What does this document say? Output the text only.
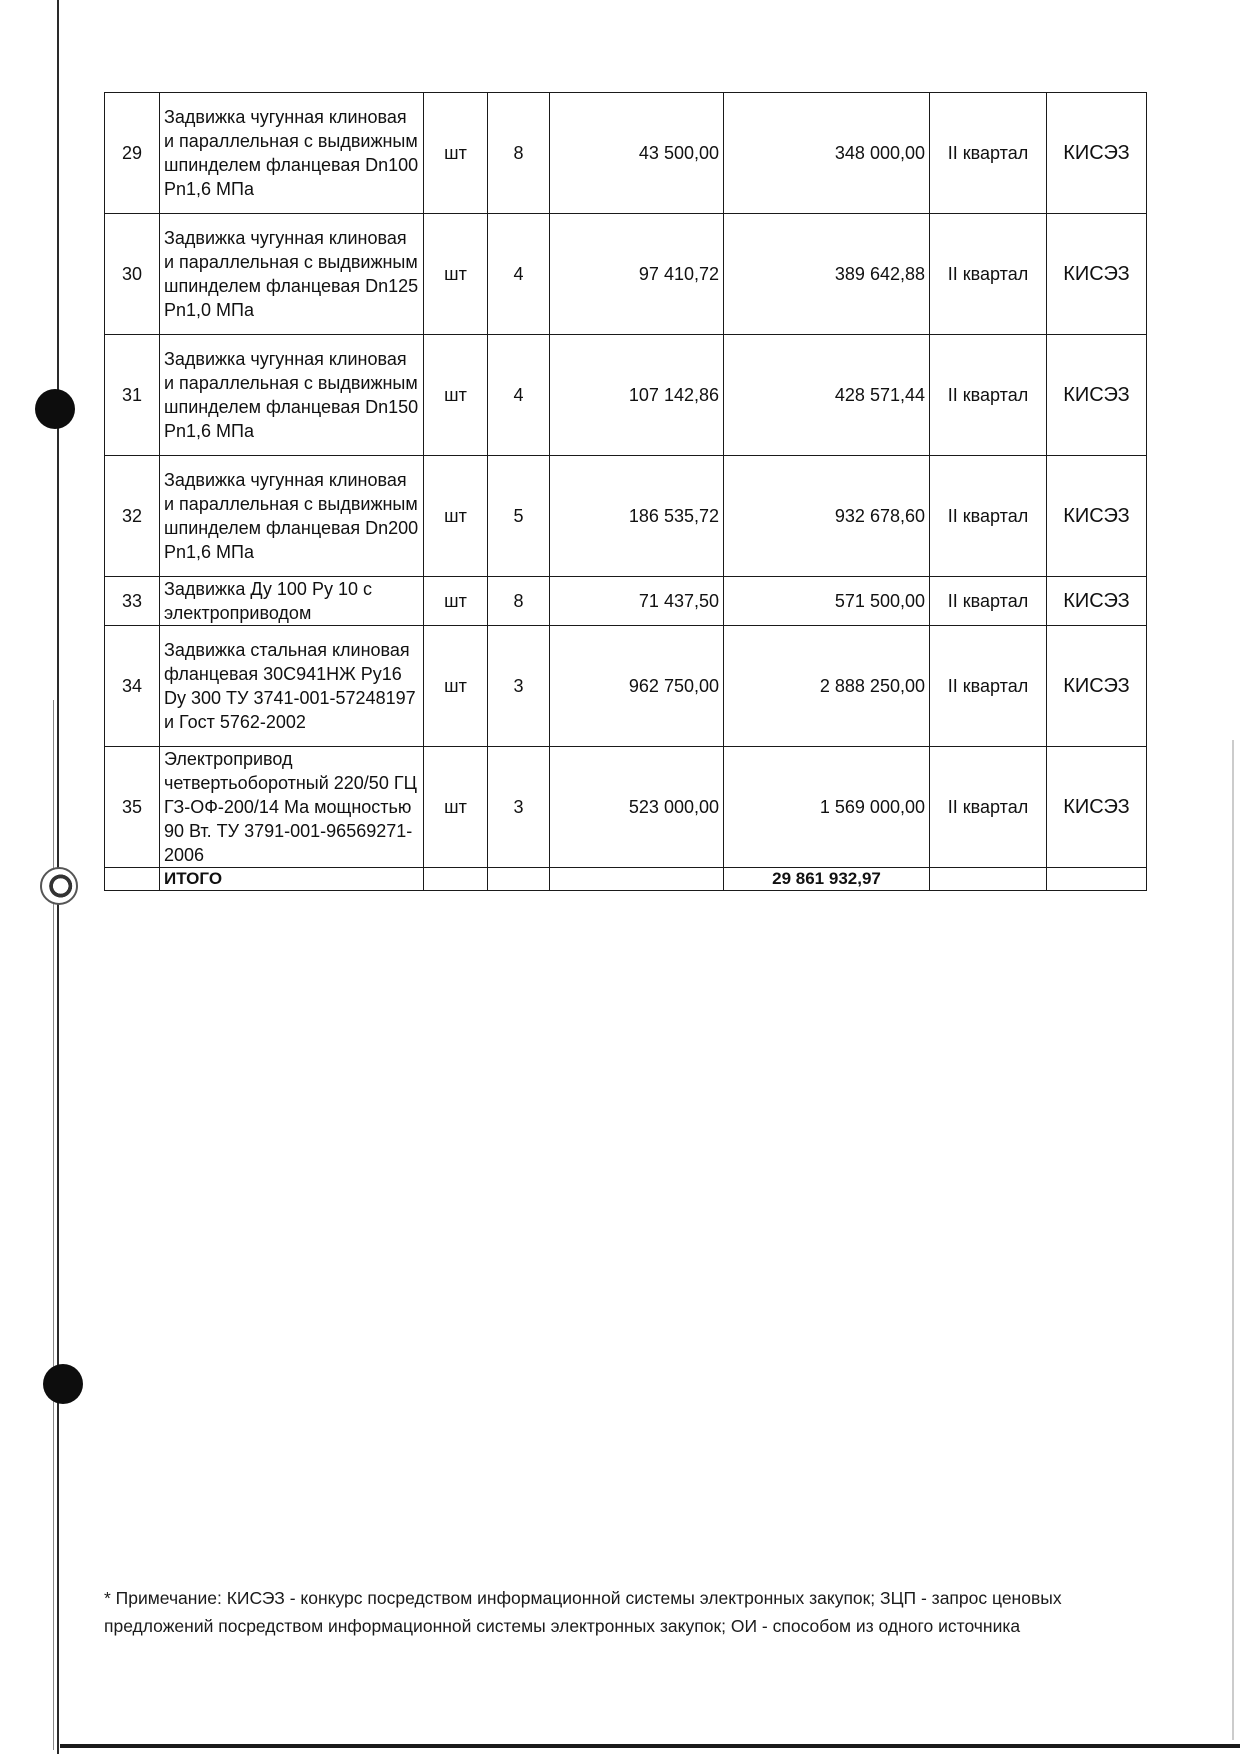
29	Задвижка чугунная клиновая и параллельная с выдвижным шпинделем фланцевая Dn100 Pn1,6 МПа	шт	8	43 500,00	348 000,00	II квартал	КИСЭЗ
30	Задвижка чугунная клиновая и параллельная с выдвижным шпинделем фланцевая Dn125 Pn1,0 МПа	шт	4	97 410,72	389 642,88	II квартал	КИСЭЗ
31	Задвижка чугунная клиновая и параллельная с выдвижным шпинделем фланцевая Dn150 Pn1,6 МПа	шт	4	107 142,86	428 571,44	II квартал	КИСЭЗ
32	Задвижка чугунная клиновая и параллельная с выдвижным шпинделем фланцевая Dn200 Pn1,6 МПа	шт	5	186 535,72	932 678,60	II квартал	КИСЭЗ
33	Задвижка Ду 100 Ру 10 с электроприводом	шт	8	71 437,50	571 500,00	II квартал	КИСЭЗ
34	Задвижка стальная клиновая фланцевая 30С941НЖ Ру16 Dy 300 ТУ 3741-001-57248197 и Гост 5762-2002	шт	3	962 750,00	2 888 250,00	II квартал	КИСЭЗ
35	Электропривод четвертьоборотный 220/50 ГЦ ГЗ-ОФ-200/14 Ма мощностью 90 Вт. ТУ 3791-001-96569271-2006	шт	3	523 000,00	1 569 000,00	II квартал	КИСЭЗ
	ИТОГО				29 861 932,97		
* Примечание: КИСЭЗ - конкурс посредством информационной системы электронных закупок; ЗЦП - запрос ценовых предложений посредством информационной системы электронных закупок; ОИ - способом из одного источника
